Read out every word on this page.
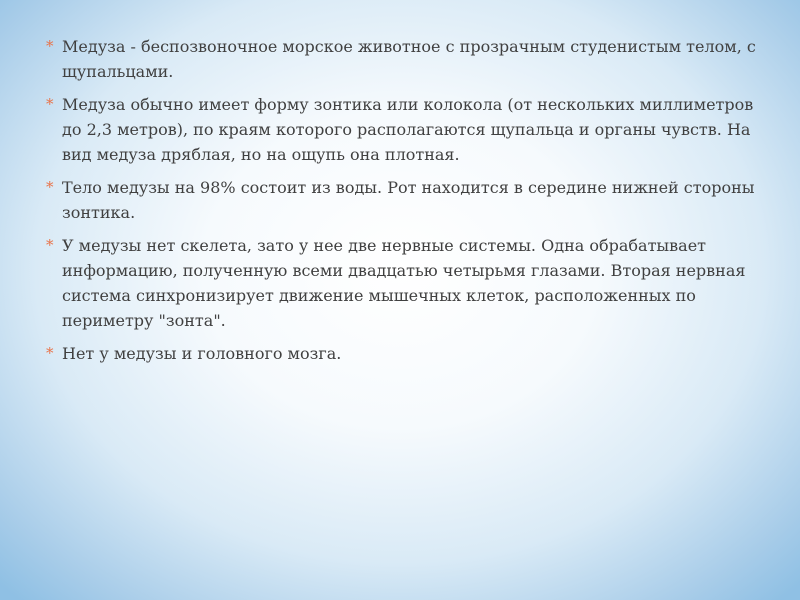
* Медуза - беспозвоночное морское животное с прозрачным студенистым телом, с щупальцами.
* Медуза обычно имеет форму зонтика или колокола (от нескольких миллиметров до 2,3 метров), по краям которого располагаются щупальца и органы чувств. На вид медуза дряблая, но на ощупь она плотная.
* Тело медузы на 98% состоит из воды. Рот находится в середине нижней стороны зонтика.
* У медузы нет скелета, зато у нее две нервные системы. Одна обрабатывает информацию, полученную всеми двадцатью четырьмя глазами. Вторая нервная система синхронизирует движение мышечных клеток, расположенных по периметру "зонта".
* Нет у медузы и головного мозга.
